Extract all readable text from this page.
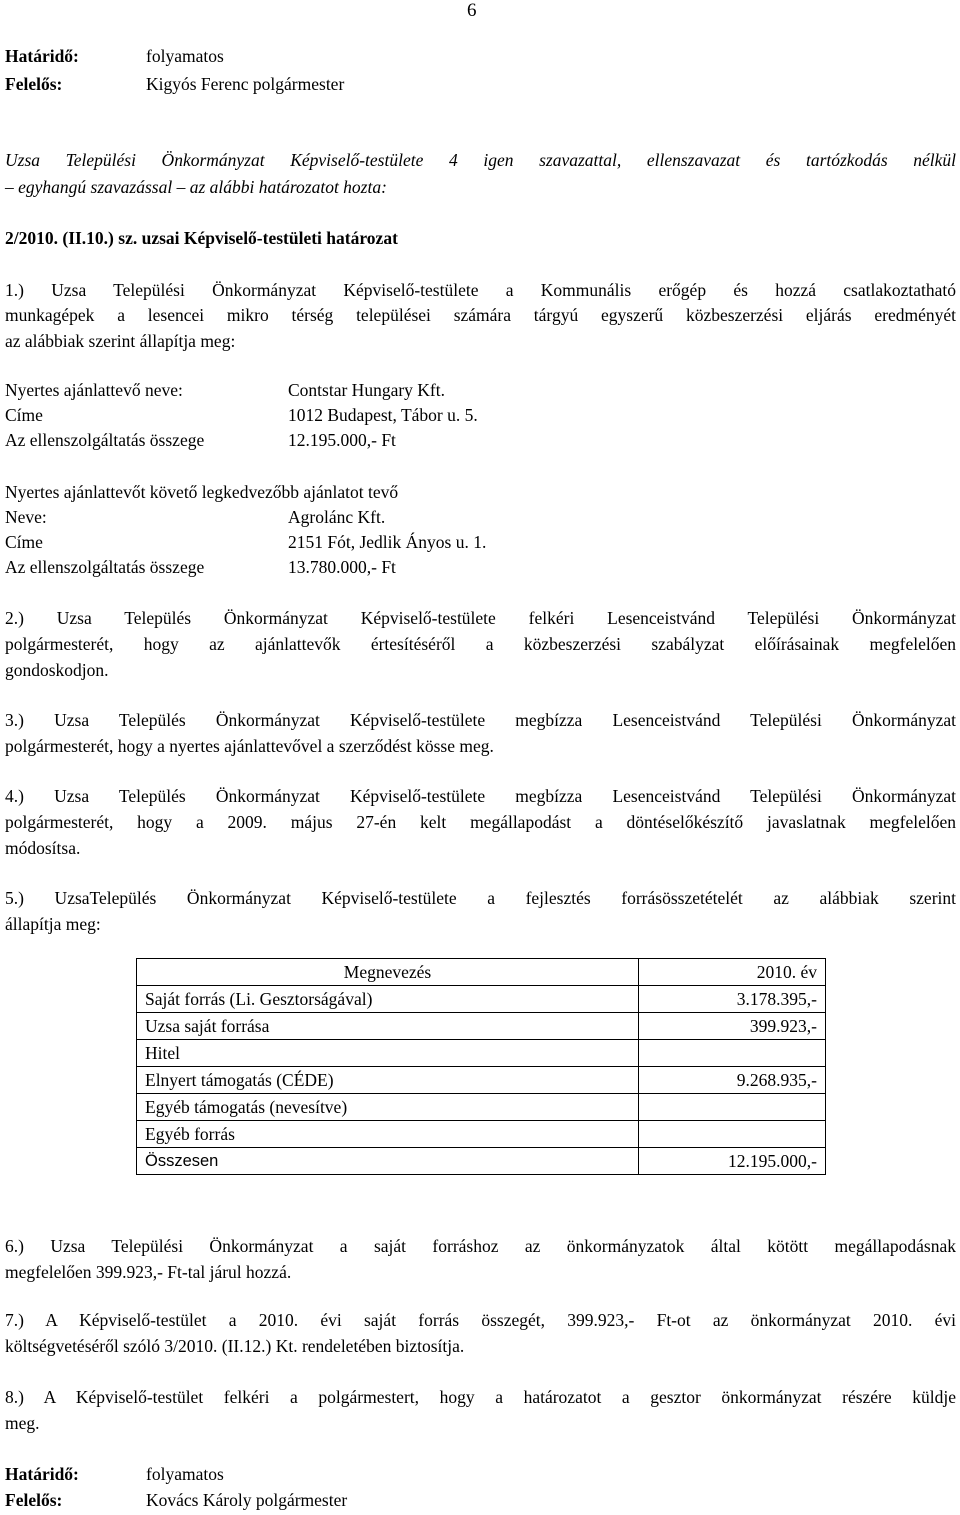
6
Határidő:	folyamatos
Felelős:	Kigyós Ferenc polgármester
Uzsa Települési Önkormányzat Képviselő-testülete 4 igen szavazattal, ellenszavazat és tartózkodás nélkül
– egyhangú szavazással – az alábbi határozatot hozta:
2/2010. (II.10.) sz. uzsai Képviselő-testületi határozat
1.) Uzsa Települési Önkormányzat Képviselő-testülete a Kommunális erőgép és hozzá csatlakoztatható
munkagépek a lesencei mikro térség települései számára tárgyú egyszerű közbeszerzési eljárás eredményét
az alábbiak szerint állapítja meg:
Nyertes ajánlattevő neve:	Contstar Hungary Kft.
Címe	1012 Budapest, Tábor u. 5.
Az ellenszolgáltatás összege	12.195.000,- Ft
Nyertes ajánlattevőt követő legkedvezőbb ajánlatot tevő
Neve:	Agrolánc Kft.
Címe	2151 Fót, Jedlik Ányos u. 1.
Az ellenszolgáltatás összege	13.780.000,- Ft
2.) Uzsa Település Önkormányzat Képviselő-testülete felkéri Lesenceistvánd Települési Önkormányzat
polgármesterét, hogy az ajánlattevők értesítéséről a közbeszerzési szabályzat előírásainak megfelelően
gondoskodjon.
3.) Uzsa Település Önkormányzat Képviselő-testülete megbízza Lesenceistvánd Települési Önkormányzat
polgármesterét, hogy a nyertes ajánlattevővel a szerződést kösse meg.
4.) Uzsa Település Önkormányzat Képviselő-testülete megbízza Lesenceistvánd Települési Önkormányzat
polgármesterét, hogy a 2009. május 27-én kelt megállapodást a döntéselőkészítő javaslatnak megfelelően
módosítsa.
5.) UzsaTelepülés Önkormányzat Képviselő-testülete a fejlesztés forrásösszetételét az alábbiak szerint
állapítja meg:
Megnevezés	2010. év
Saját forrás (Li. Gesztorságával)	3.178.395,-
Uzsa saját forrása	399.923,-
Hitel	
Elnyert támogatás (CÉDE)	9.268.935,-
Egyéb támogatás (nevesítve)	
Egyéb forrás	
Összesen	12.195.000,-
6.) Uzsa Települési Önkormányzat a saját forráshoz az önkormányzatok által kötött megállapodásnak
megfelelően 399.923,- Ft-tal járul hozzá.
7.) A Képviselő-testület a 2010. évi saját forrás összegét, 399.923,- Ft-ot az önkormányzat 2010. évi
költségvetéséről szóló 3/2010. (II.12.) Kt. rendeletében biztosítja.
8.) A Képviselő-testület felkéri a polgármestert, hogy a határozatot a gesztor önkormányzat részére küldje
meg.
Határidő:	folyamatos
Felelős:	Kovács Károly polgármester
